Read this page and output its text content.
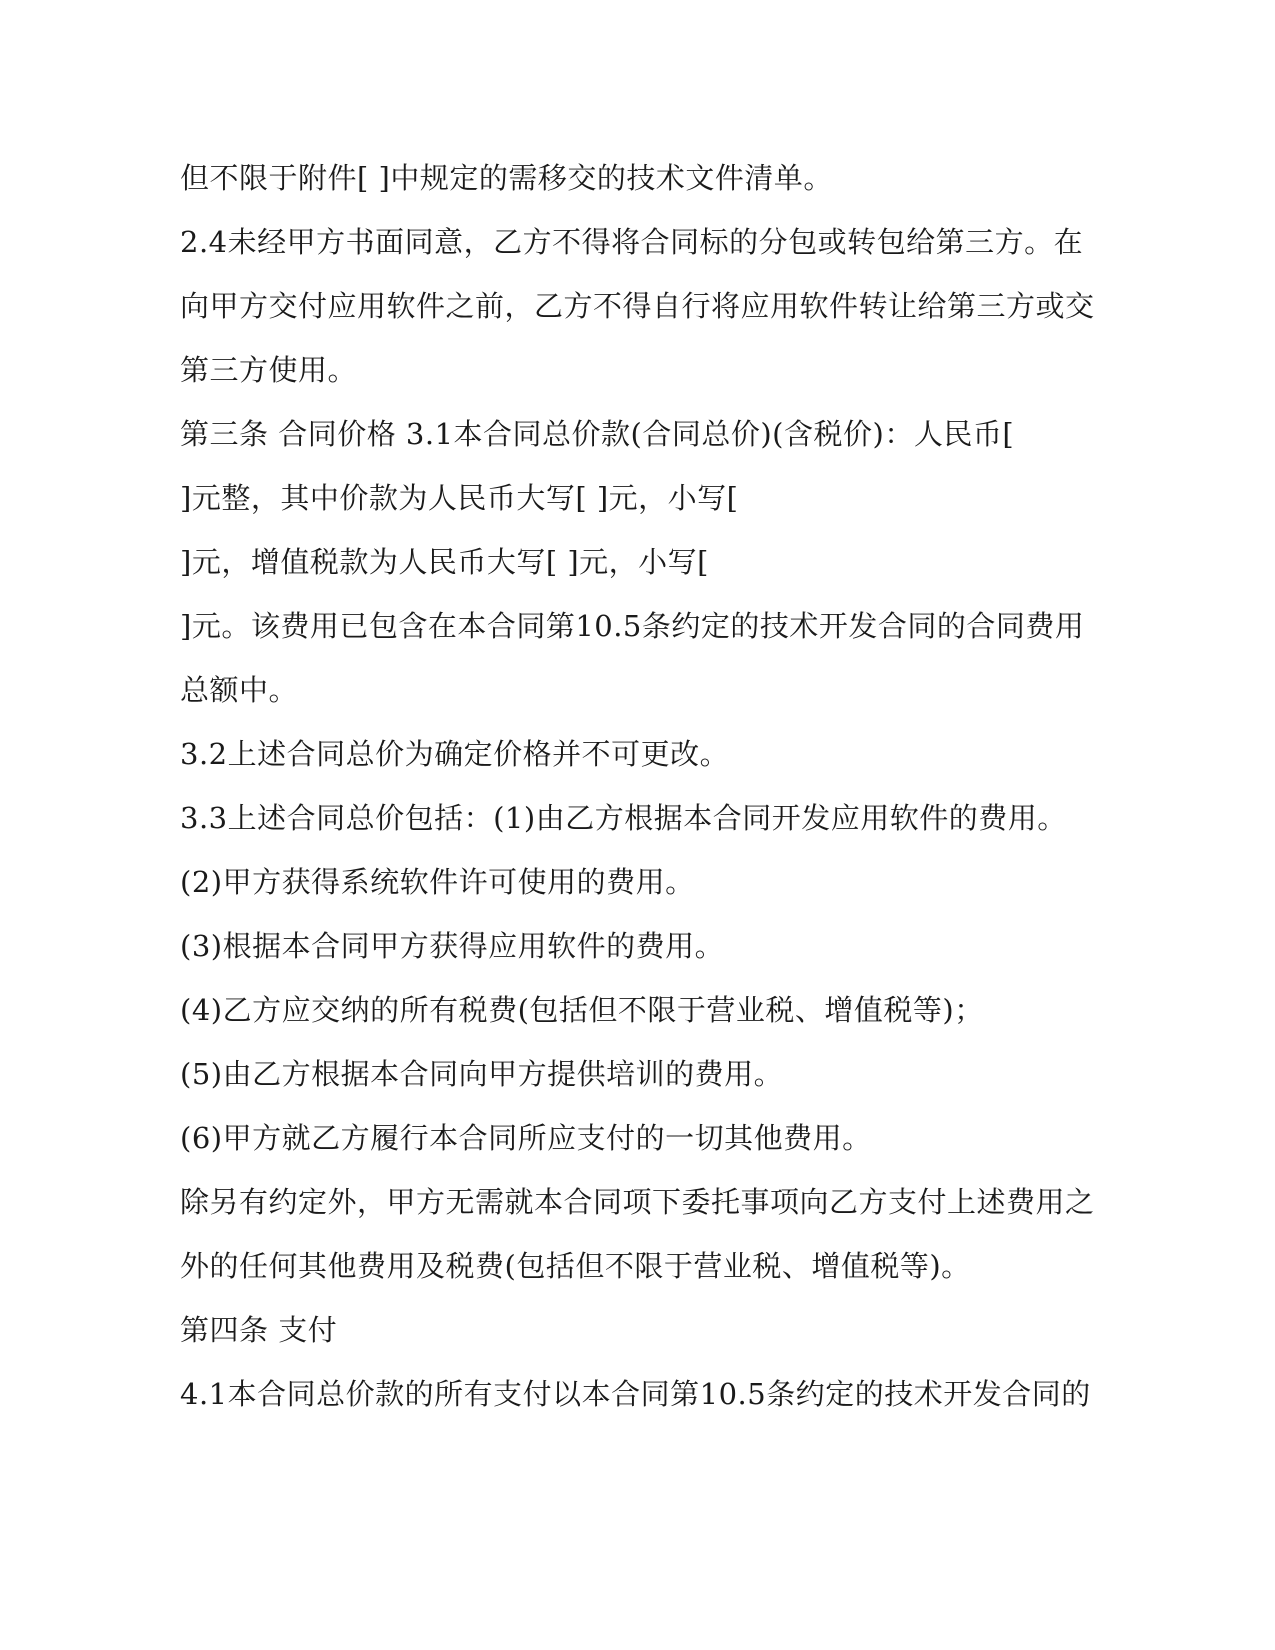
但不限于附件[ ]中规定的需移交的技术文件清单。

2.4未经甲方书面同意，乙方不得将合同标的分包或转包给第三方。在

向甲方交付应用软件之前，乙方不得自行将应用软件转让给第三方或交

第三方使用。

第三条 合同价格 3.1本合同总价款(合同总价)(含税价)：人民币[

]元整，其中价款为人民币大写[ ]元，小写[

]元，增值税款为人民币大写[ ]元，小写[

]元。该费用已包含在本合同第10.5条约定的技术开发合同的合同费用

总额中。

3.2上述合同总价为确定价格并不可更改。

3.3上述合同总价包括：(1)由乙方根据本合同开发应用软件的费用。

(2)甲方获得系统软件许可使用的费用。

(3)根据本合同甲方获得应用软件的费用。

(4)乙方应交纳的所有税费(包括但不限于营业税、增值税等)；

(5)由乙方根据本合同向甲方提供培训的费用。

(6)甲方就乙方履行本合同所应支付的一切其他费用。

除另有约定外，甲方无需就本合同项下委托事项向乙方支付上述费用之

外的任何其他费用及税费(包括但不限于营业税、增值税等)。

第四条 支付

4.1本合同总价款的所有支付以本合同第10.5条约定的技术开发合同的
